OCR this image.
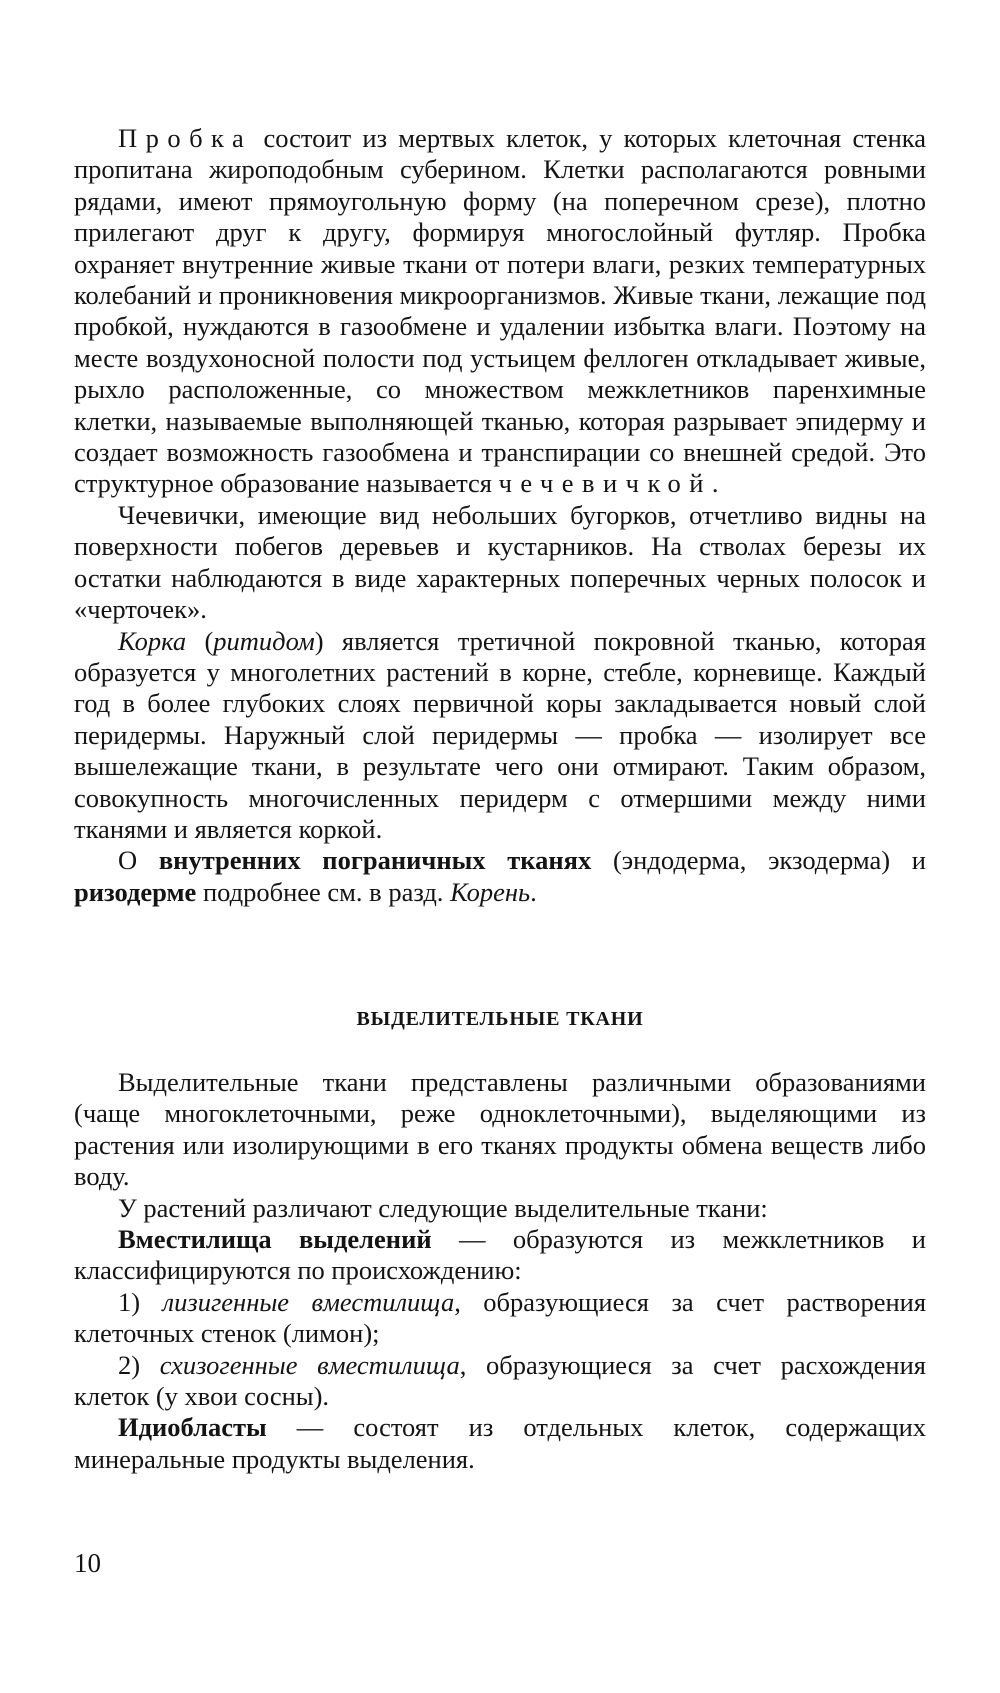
Пробка состоит из мертвых клеток, у которых клеточная стенка пропитана жироподобным суберином. Клетки располагаются ровными рядами, имеют прямоугольную форму (на поперечном срезе), плотно прилегают друг к другу, формируя многослойный футляр. Пробка охраняет внутренние живые ткани от потери влаги, резких температурных колебаний и проникновения микроорганизмов. Живые ткани, лежащие под пробкой, нуждаются в газообмене и удалении избытка влаги. Поэтому на месте воздухоносной полости под устьицем феллоген откладывает живые, рыхло расположенные, со множеством межклетников паренхимные клетки, называемые выполняющей тканью, которая разрывает эпидерму и создает возможность газообмена и транспирации со внешней средой. Это структурное образование называется чечевичкой.

Чечевички, имеющие вид небольших бугорков, отчетливо видны на поверхности побегов деревьев и кустарников. На стволах березы их остатки наблюдаются в виде характерных поперечных черных полосок и «черточек».

Корка (ритидом) является третичной покровной тканью, которая образуется у многолетних растений в корне, стебле, корневище. Каждый год в более глубоких слоях первичной коры закладывается новый слой перидермы. Наружный слой перидермы — пробка — изолирует все вышележащие ткани, в результате чего они отмирают. Таким образом, совокупность многочисленных перидерм с отмершими между ними тканями и является коркой.

О внутренних пограничных тканях (эндодерма, экзодерма) и ризодерме подробнее см. в разд. Корень.

ВЫДЕЛИТЕЛЬНЫЕ ТКАНИ

Выделительные ткани представлены различными образованиями (чаще многоклеточными, реже одноклеточными), выделяющими из растения или изолирующими в его тканях продукты обмена веществ либо воду.

У растений различают следующие выделительные ткани:

Вместилища выделений — образуются из межклетников и классифицируются по происхождению:

1) лизигенные вместилища, образующиеся за счет растворения клеточных стенок (лимон);

2) схизогенные вместилища, образующиеся за счет расхождения клеток (у хвои сосны).

Идиобласты — состоят из отдельных клеток, содержащих минеральные продукты выделения.

10
